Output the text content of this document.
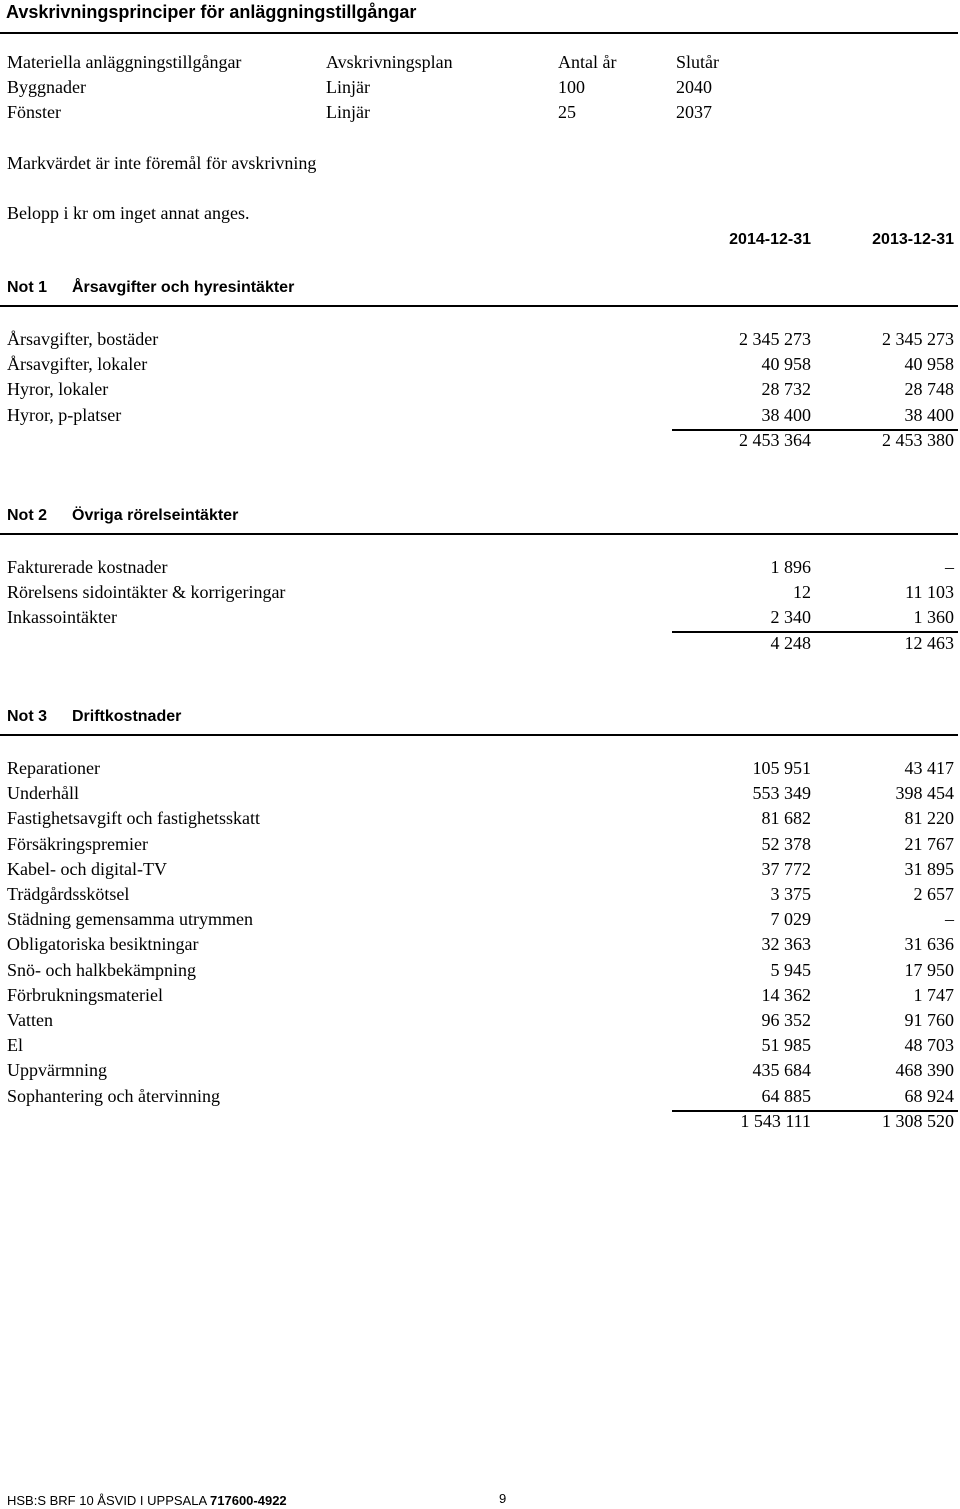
Avskrivningsprinciper för anläggningstillgångar
Materiella anläggningstillgångar	Avskrivningsplan	Antal år	Slutår
Byggnader	Linjär	100	2040
Fönster	Linjär	25	2037
Markvärdet är inte föremål för avskrivning
Belopp i kr om inget annat anges.
2014-12-31	2013-12-31
Not 1 Årsavgifter och hyresintäkter
Årsavgifter, bostäder	2 345 273	2 345 273
Årsavgifter, lokaler	40 958	40 958
Hyror, lokaler	28 732	28 748
Hyror, p-platser	38 400	38 400
2 453 364	2 453 380
Not 2 Övriga rörelseintäkter
Fakturerade kostnader	1 896	–
Rörelsens sidointäkter & korrigeringar	12	11 103
Inkassointäkter	2 340	1 360
4 248	12 463
Not 3 Driftkostnader
Reparationer	105 951	43 417
Underhåll	553 349	398 454
Fastighetsavgift och fastighetsskatt	81 682	81 220
Försäkringspremier	52 378	21 767
Kabel- och digital-TV	37 772	31 895
Trädgårdsskötsel	3 375	2 657
Städning gemensamma utrymmen	7 029	–
Obligatoriska besiktningar	32 363	31 636
Snö- och halkbekämpning	5 945	17 950
Förbrukningsmateriel	14 362	1 747
Vatten	96 352	91 760
El	51 985	48 703
Uppvärmning	435 684	468 390
Sophantering och återvinning	64 885	68 924
1 543 111	1 308 520
HSB:S BRF 10 ÅSVID I UPPSALA 717600-4922	9
